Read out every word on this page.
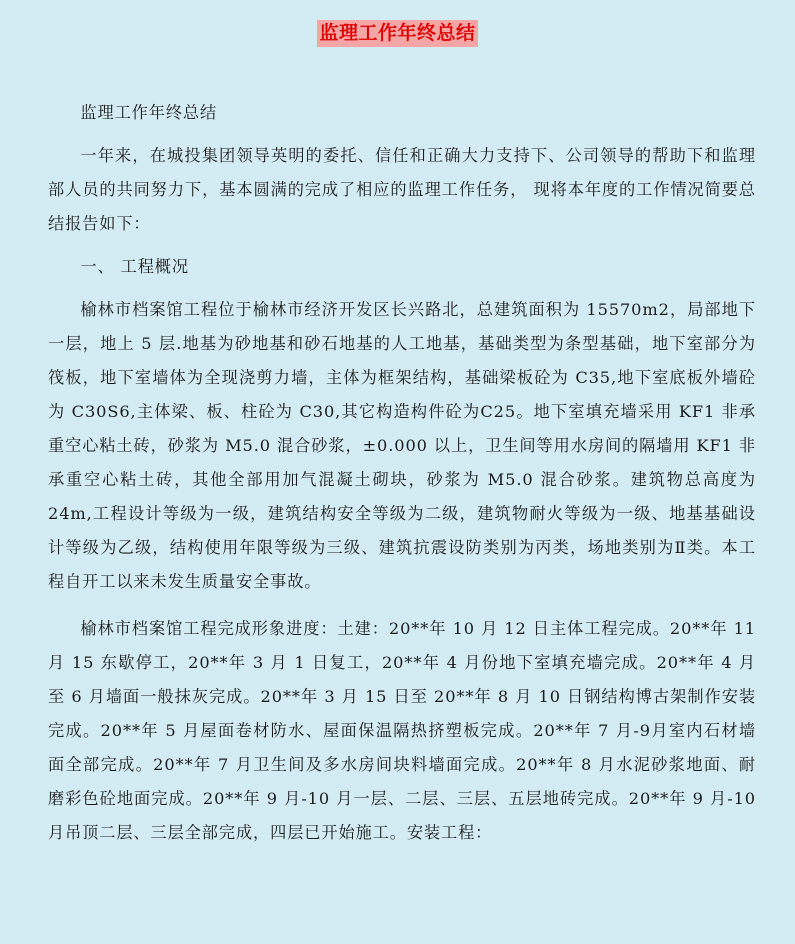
监理工作年终总结

监理工作年终总结

一年来，在城投集团领导英明的委托、信任和正确大力支持下、公司领导的帮助下和监理部人员的共同努力下，基本圆满的完成了相应的监理工作任务， 现将本年度的工作情况简要总结报告如下：

一、 工程概况

榆林市档案馆工程位于榆林市经济开发区长兴路北，总建筑面积为 15570m2，局部地下一层，地上 5 层.地基为砂地基和砂石地基的人工地基，基础类型为条型基础，地下室部分为筏板，地下室墙体为全现浇剪力墙，主体为框架结构，基础梁板砼为 C35,地下室底板外墙砼为 C30S6,主体梁、板、柱砼为 C30,其它构造构件砼为C25。地下室填充墙采用 KF1 非承重空心粘土砖，砂浆为 M5.0 混合砂浆，±0.000 以上，卫生间等用水房间的隔墙用 KF1 非承重空心粘土砖，其他全部用加气混凝土砌块，砂浆为 M5.0 混合砂浆。建筑物总高度为 24m,工程设计等级为一级，建筑结构安全等级为二级，建筑物耐火等级为一级、地基基础设计等级为乙级，结构使用年限等级为三级、建筑抗震设防类别为丙类，场地类别为Ⅱ类。本工程自开工以来未发生质量安全事故。

榆林市档案馆工程完成形象进度：土建：20**年 10 月 12 日主体工程完成。20**年 11 月 15 东歇停工，20**年 3 月 1 日复工，20**年 4 月份地下室填充墙完成。20**年 4 月至 6 月墙面一般抹灰完成。20**年 3 月 15 日至 20**年 8 月 10 日钢结构博古架制作安装完成。20**年 5 月屋面卷材防水、屋面保温隔热挤塑板完成。20**年 7 月-9月室内石材墙面全部完成。20**年 7 月卫生间及多水房间块料墙面完成。20**年 8 月水泥砂浆地面、耐磨彩色砼地面完成。20**年 9 月-10 月一层、二层、三层、五层地砖完成。20**年 9 月-10 月吊顶二层、三层全部完成，四层已开始施工。安装工程：
